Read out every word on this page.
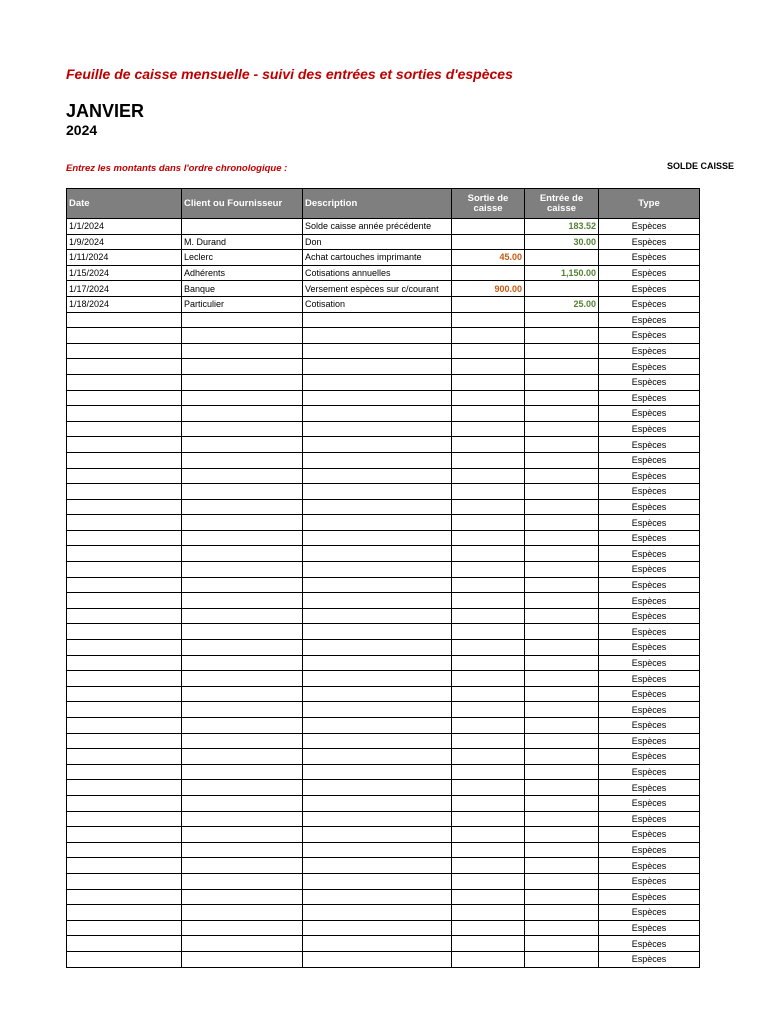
Feuille de caisse mensuelle - suivi des entrées et sorties d'espèces
JANVIER
2024
Entrez les montants dans l'ordre chronologique :	SOLDE CAISSE
Date	Client ou Fournisseur	Description	Sortie de caisse	Entrée de caisse	Type
1/1/2024		Solde caisse année précédente		183.52	Espèces
1/9/2024	M. Durand	Don		30.00	Espèces
1/11/2024	Leclerc	Achat cartouches imprimante	45.00		Espèces
1/15/2024	Adhérents	Cotisations annuelles		1,150.00	Espèces
1/17/2024	Banque	Versement espèces sur c/courant	900.00		Espèces
1/18/2024	Particulier	Cotisation		25.00	Espèces
					Espèces
					Espèces
					Espèces
					Espèces
					Espèces
					Espèces
					Espèces
					Espèces
					Espèces
					Espèces
					Espèces
					Espèces
					Espèces
					Espèces
					Espèces
					Espèces
					Espèces
					Espèces
					Espèces
					Espèces
					Espèces
					Espèces
					Espèces
					Espèces
					Espèces
					Espèces
					Espèces
					Espèces
					Espèces
					Espèces
					Espèces
					Espèces
					Espèces
					Espèces
					Espèces
					Espèces
					Espèces
					Espèces
					Espèces
					Espèces
					Espèces
					Espèces
